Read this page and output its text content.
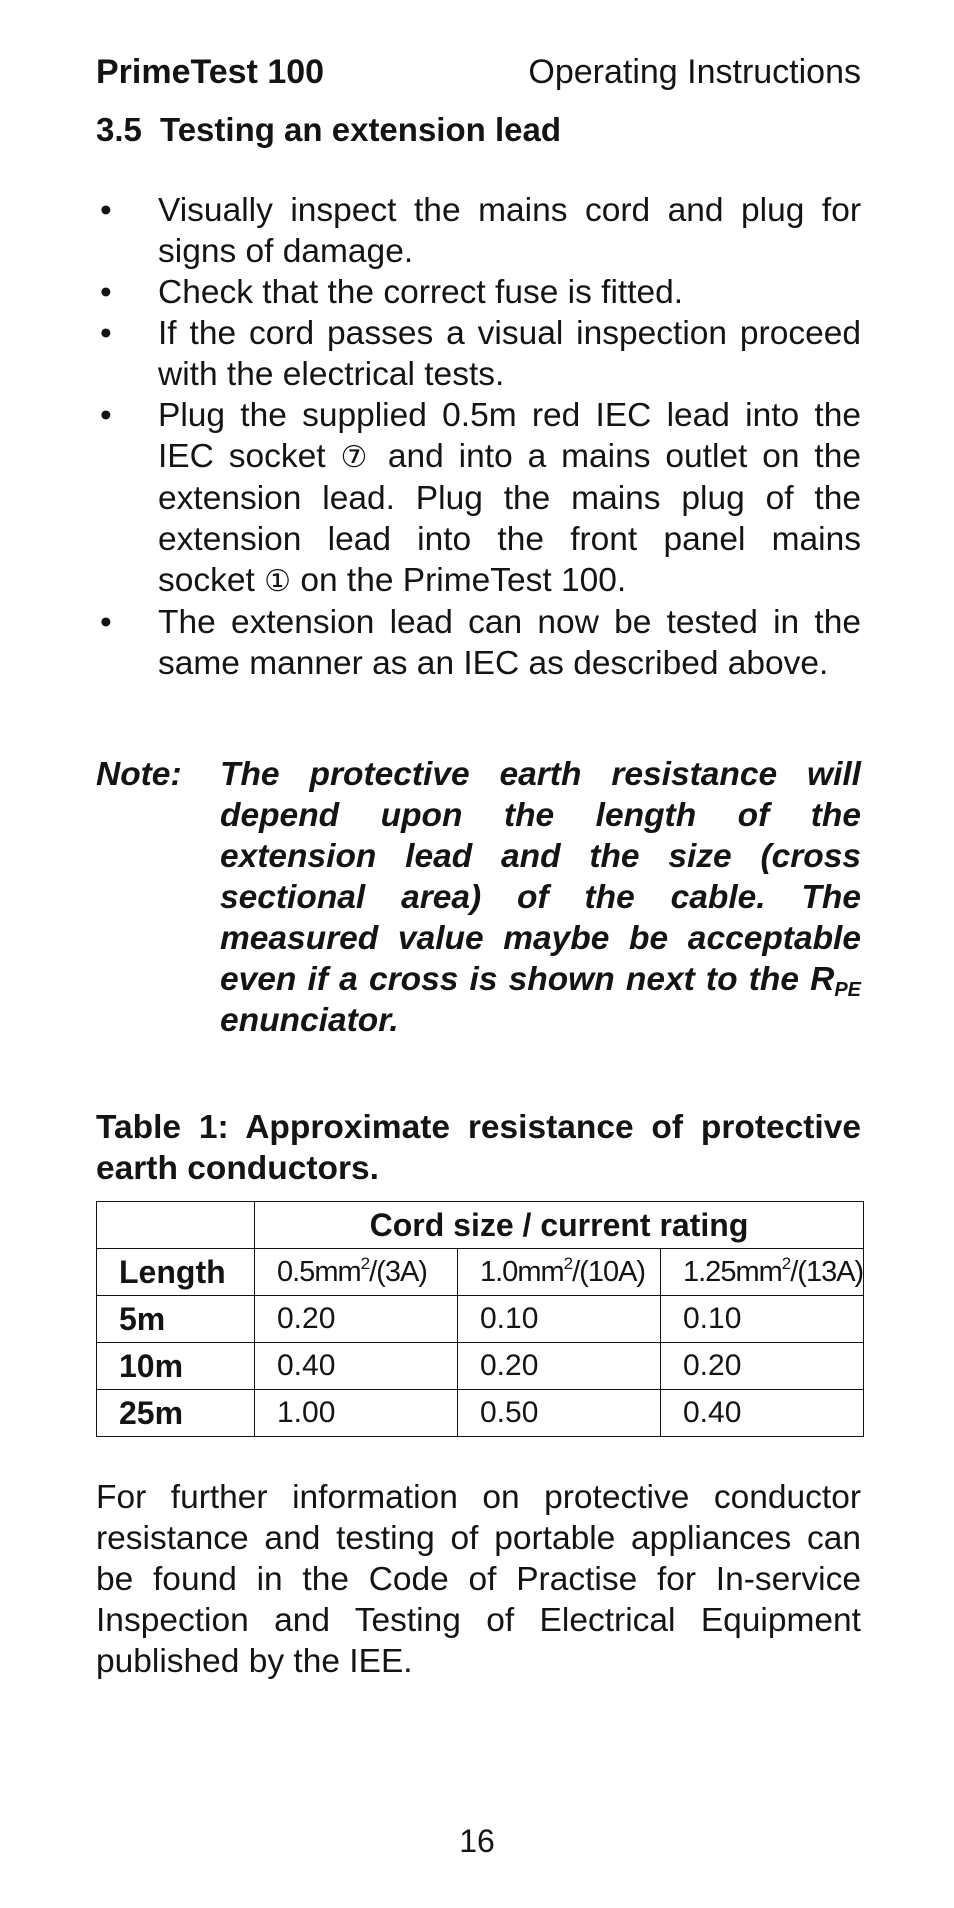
PrimeTest 100	Operating Instructions
3.5 Testing an extension lead
• Visually inspect the mains cord and plug for signs of damage.
• Check that the correct fuse is fitted.
• If the cord passes a visual inspection proceed with the electrical tests.
• Plug the supplied 0.5m red IEC lead into the IEC socket ⑦ and into a mains outlet on the extension lead. Plug the mains plug of the extension lead into the front panel mains socket ① on the PrimeTest 100.
• The extension lead can now be tested in the same manner as an IEC as described above.
Note:	The protective earth resistance will depend upon the length of the extension lead and the size (cross sectional area) of the cable. The measured value maybe be acceptable even if a cross is shown next to the $R_{PE}$ enunciator.
Table 1: Approximate resistance of protective earth conductors.
	Cord size / current rating		
Length	$0.5mm^2/(3A)$	$1.0mm^2/(10A)$	$1.25mm^2/(13A)$
5m	0.20	0.10	0.10
10m	0.40	0.20	0.20
25m	1.00	0.50	0.40
For further information on protective conductor resistance and testing of portable appliances can be found in the Code of Practise for In-service Inspection and Testing of Electrical Equipment published by the IEE.
16
